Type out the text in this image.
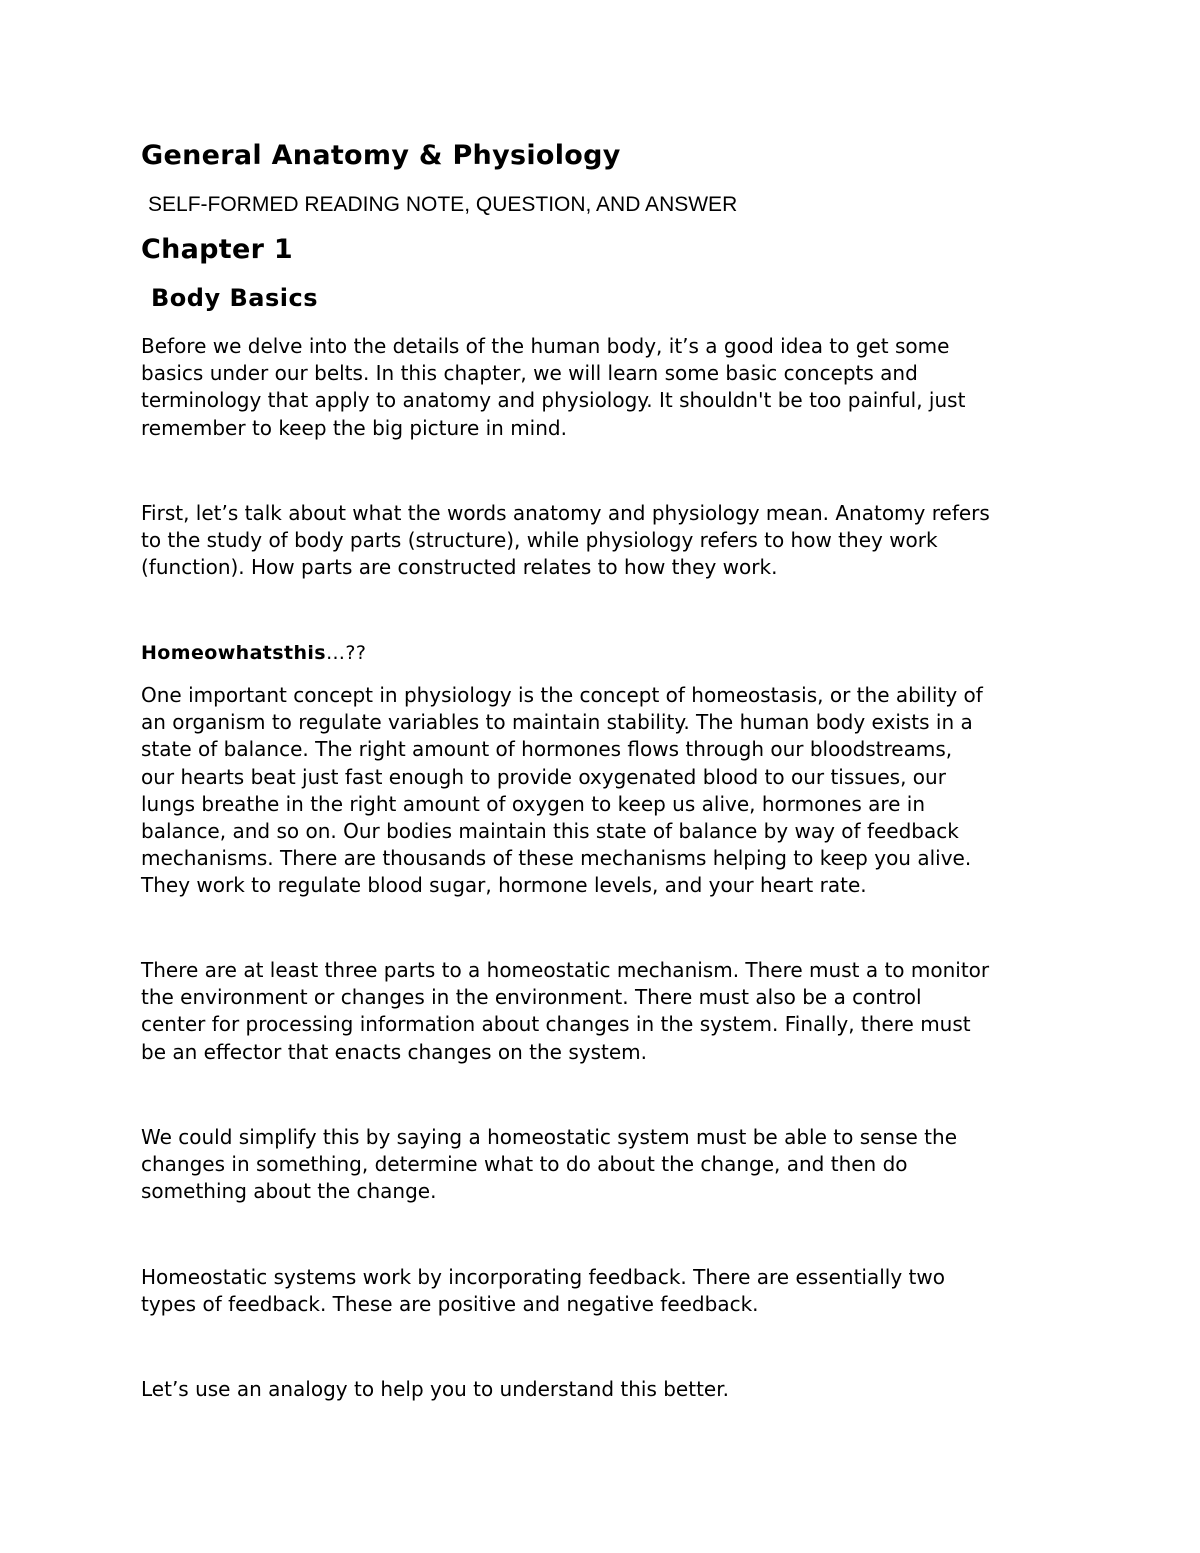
General Anatomy & Physiology

SELF-FORMED READING NOTE, QUESTION, AND ANSWER

Chapter 1
Body Basics

Before we delve into the details of the human body, it’s a good idea to get some
basics under our belts. In this chapter, we will learn some basic concepts and
terminology that apply to anatomy and physiology. It shouldn't be too painful, just
remember to keep the big picture in mind.

First, let’s talk about what the words anatomy and physiology mean. Anatomy refers
to the study of body parts (structure), while physiology refers to how they work
(function). How parts are constructed relates to how they work.

Homeowhatsthis…??

One important concept in physiology is the concept of homeostasis, or the ability of
an organism to regulate variables to maintain stability. The human body exists in a
state of balance. The right amount of hormones flows through our bloodstreams,
our hearts beat just fast enough to provide oxygenated blood to our tissues, our
lungs breathe in the right amount of oxygen to keep us alive, hormones are in
balance, and so on. Our bodies maintain this state of balance by way of feedback
mechanisms. There are thousands of these mechanisms helping to keep you alive.
They work to regulate blood sugar, hormone levels, and your heart rate.

There are at least three parts to a homeostatic mechanism. There must a to monitor
the environment or changes in the environment. There must also be a control
center for processing information about changes in the system. Finally, there must
be an effector that enacts changes on the system.

We could simplify this by saying a homeostatic system must be able to sense the
changes in something, determine what to do about the change, and then do
something about the change.

Homeostatic systems work by incorporating feedback. There are essentially two
types of feedback. These are positive and negative feedback.

Let’s use an analogy to help you to understand this better.
